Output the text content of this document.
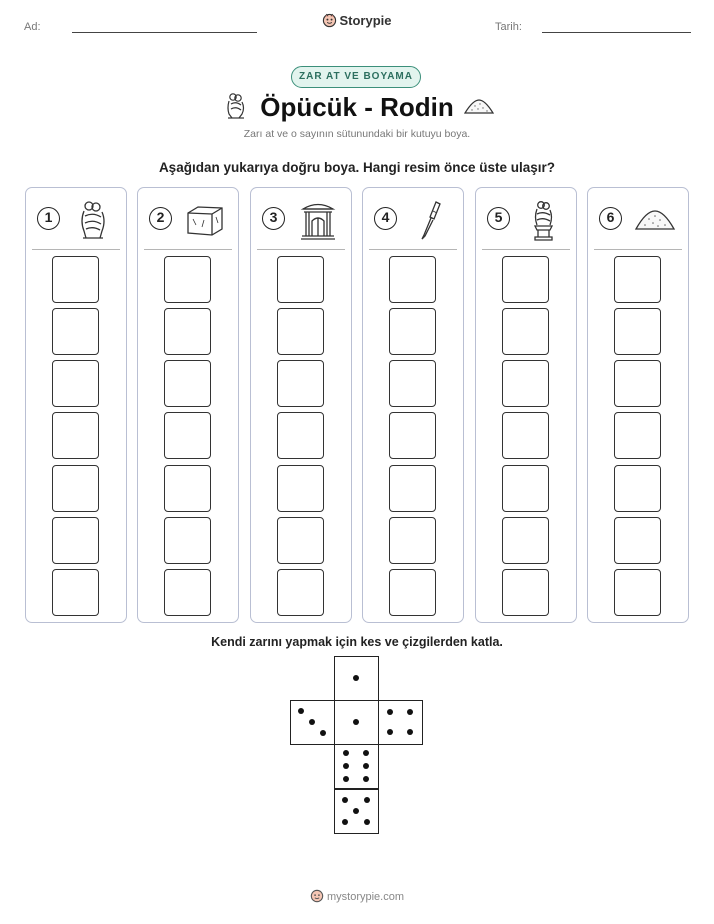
Ad:	Storypie	Tarih:
ZAR AT VE BOYAMA
Öpücük - Rodin
Zarı at ve o sayının sütunundaki bir kutuyu boya.
Aşağıdan yukarıya doğru boya. Hangi resim önce üste ulaşır?
1	2	3	4	5	6
Kendi zarını yapmak için kes ve çizgilerden katla.
mystorypie.com
